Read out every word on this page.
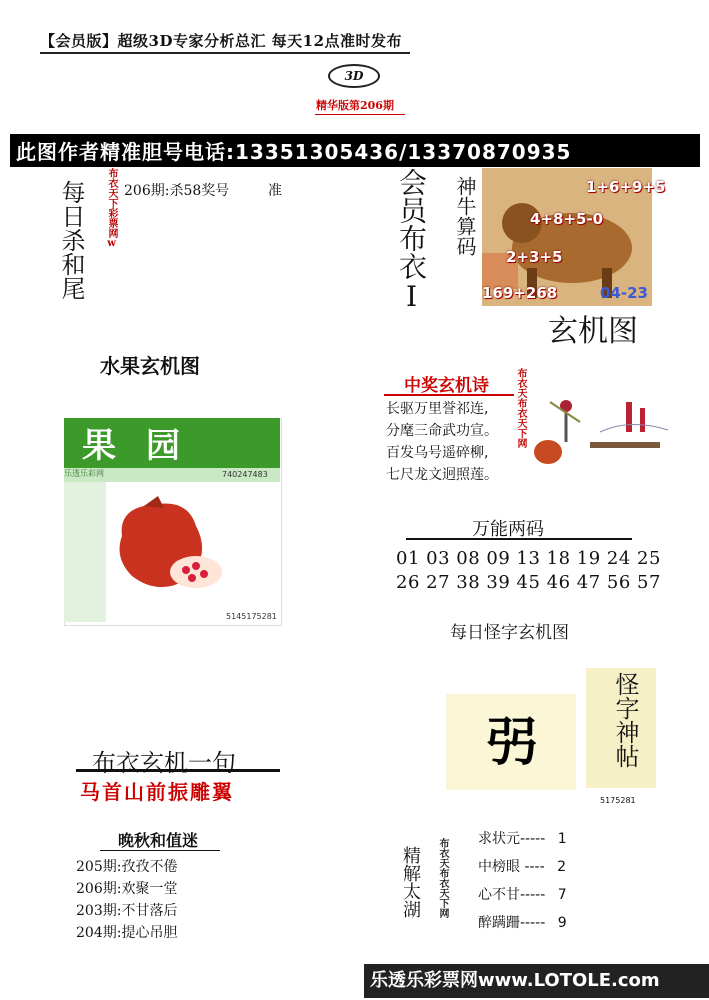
【会员版】超级3D专家分析总汇 每天12点准时发布
3D
精华版第206期
此图作者精准胆号电话:13351305436/13370870935
每日杀和尾 布衣天下彩票网w 206期:杀58奖号	准	会员布衣I 神牛算码	1+6+9+5
4+8+5-0
2+3+5
169+268	04-23
玄机图
水果玄机图
果园
乐透乐彩网	740247483
5145175281
中奖玄机诗	布衣天布衣天下网
长驱万里誉祁连,
分麾三命武功宣。
百发乌号遥碎柳,
七尺龙文迥照莲。
万能两码
01 03 08 09 13 18 19 24 25
26 27 38 39 45 46 47 56 57
每日怪字玄机图
弜	怪字神帖
5175281
布衣玄机一句
马首山前振雕翼
晚秋和值迷
205期:孜孜不倦
206期:欢聚一堂
203期:不甘落后
204期:提心吊胆
精解太湖 布衣天布衣天下网 求状元----- 1
中榜眼 ---- 2
心不甘----- 7
醉蹒跚----- 9
乐透乐彩票网www.LOTOLE.com
